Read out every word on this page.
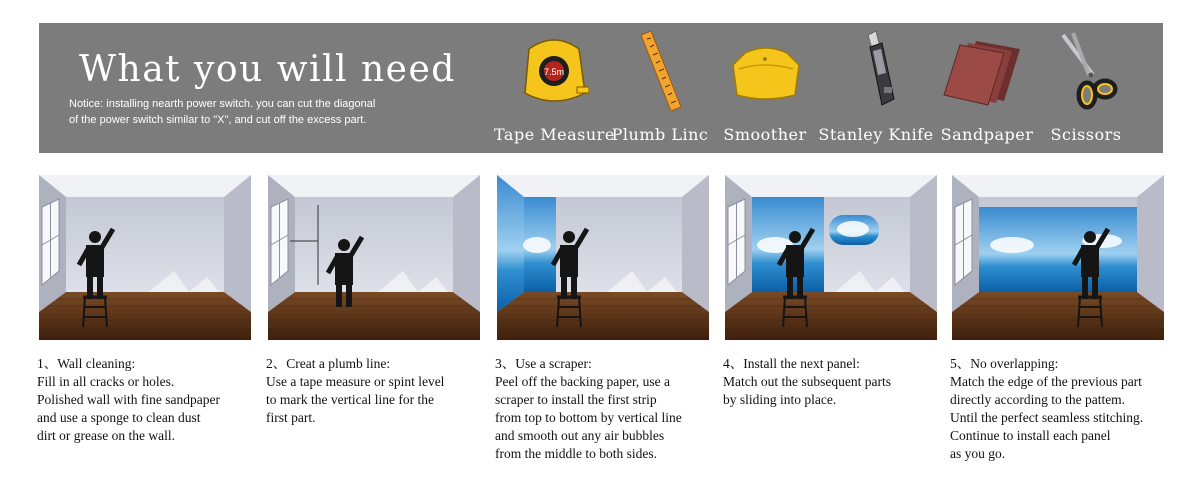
What you will need
Notice: installing nearth power switch. you can cut the diagonal
of the power switch similar to "X", and cut off the excess part.
7.5m
Tape Measure
Plumb Linc Smoother Stanley Knife Sandpaper	Scissors
1、Wall cleaning:
Fill in all cracks or holes.
Polished wall with fine sandpaper
and use a sponge to clean dust
dirt or grease on the wall.
2、Creat a plumb line:
Use a tape measure or spint level
to mark the vertical line for the
first part.
3、Use a scraper:
Peel off the backing paper, use a
scraper to install the first strip
from top to bottom by vertical line
and smooth out any air bubbles
from the middle to both sides.
4、Install the next panel:
Match out the subsequent parts
by sliding into place.
5、No overlapping:
Match the edge of the previous part
directly according to the pattem.
Until the perfect seamless stitching.
Continue to install each panel
as you go.
